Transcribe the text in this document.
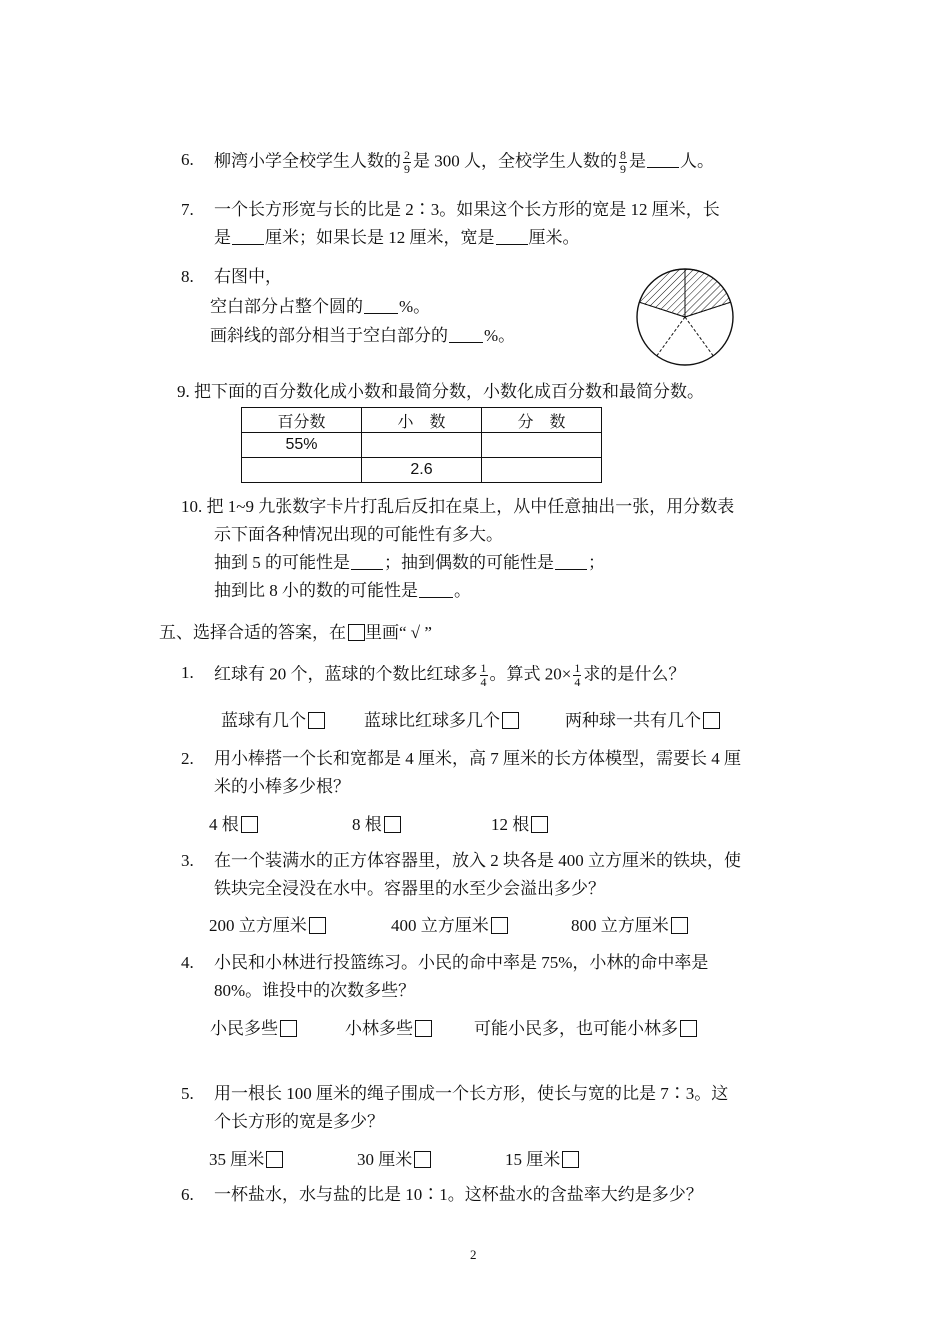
6. 柳湾小学全校学生人数的 $\frac{2}{9}$ 是 300 人，全校学生人数的 $\frac{8}{9}$ 是 人。
7. 一个长方形宽与长的比是 2∶3。如果这个长方形的宽是 12 厘米，长
是 厘米；如果长是 12 厘米，宽是 厘米。
8. 右图中，
空白部分占整个圆的 %。
画斜线的部分相当于空白部分的 %。
9. 把下面的百分数化成小数和最简分数，小数化成百分数和最简分数。
百分数	小　数	分　数
55%		
	2.6	
10. 把 1~9 九张数字卡片打乱后反扣在桌上，从中任意抽出一张，用分数表
示下面各种情况出现的可能性有多大。
抽到 5 的可能性是 ；抽到偶数的可能性是 ；
抽到比 8 小的数的可能性是 。
五、选择合适的答案，在 里画“ √ ”
1. 红球有 20 个，蓝球的个数比红球多 $\frac{1}{4}$ 。算式 $20\times \frac{1}{4}$ 求的是什么？
蓝球有几个	蓝球比红球多几个	两种球一共有几个
2. 用小棒搭一个长和宽都是 4 厘米，高 7 厘米的长方体模型，需要长 4 厘
米的小棒多少根？
4 根	8 根	12 根
3. 在一个装满水的正方体容器里，放入 2 块各是 400 立方厘米的铁块，使
铁块完全浸没在水中。容器里的水至少会溢出多少？
200 立方厘米	400 立方厘米	800 立方厘米
4. 小民和小林进行投篮练习。小民的命中率是 75%，小林的命中率是
80%。谁投中的次数多些？
小民多些	小林多些	可能小民多，也可能小林多
5. 用一根长 100 厘米的绳子围成一个长方形，使长与宽的比是 7∶3。这
个长方形的宽是多少？
35 厘米	30 厘米	15 厘米
6. 一杯盐水，水与盐的比是 10∶1。这杯盐水的含盐率大约是多少？
2
